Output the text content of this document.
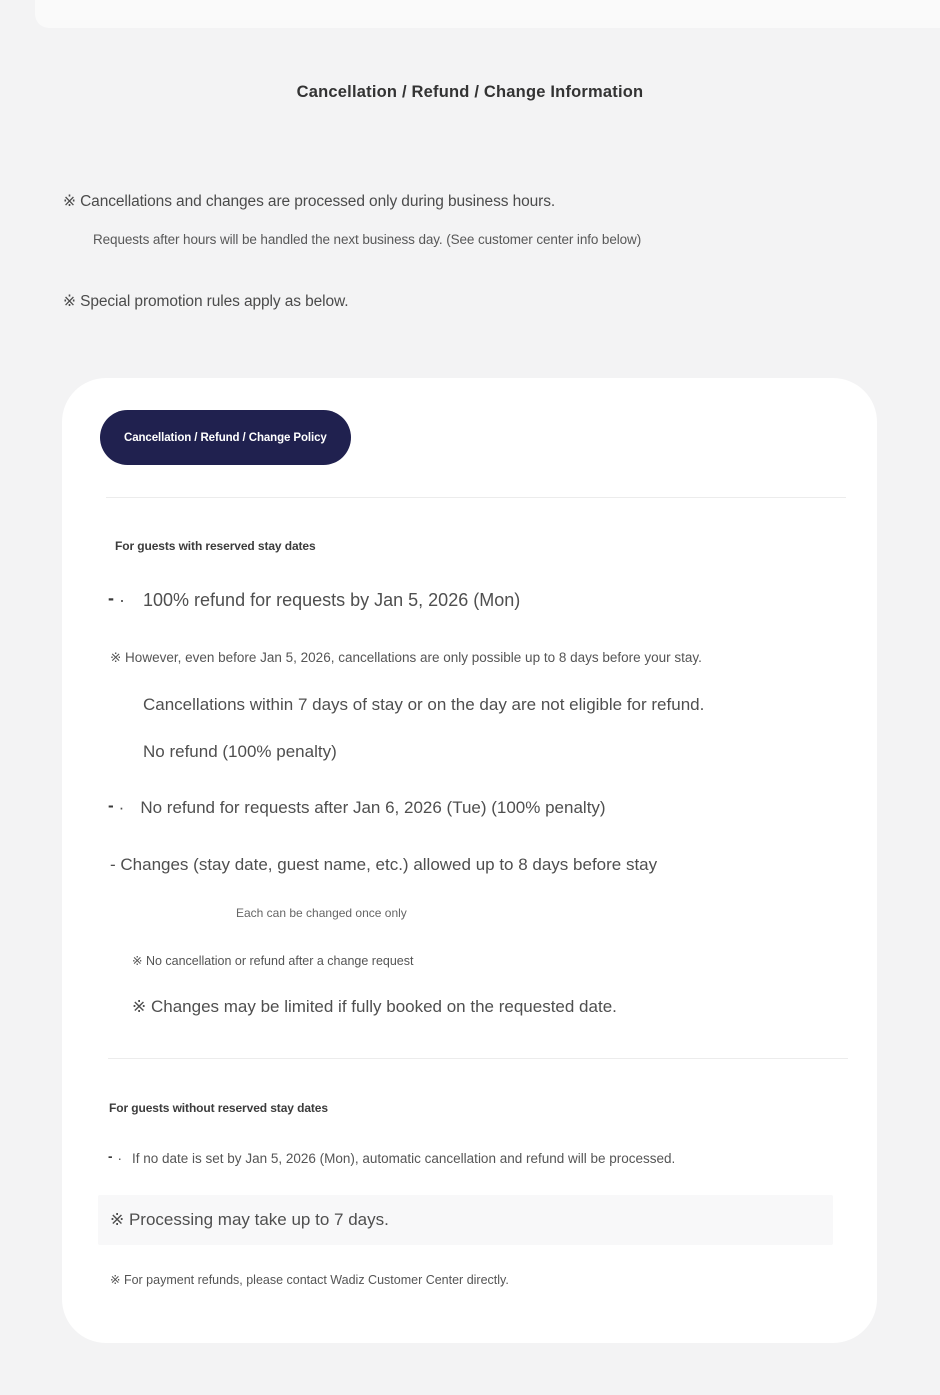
Cancellation / Refund / Change Information
※ Cancellations and changes are processed only during business hours.
Requests after hours will be handled the next business day. (See customer center info below)
※ Special promotion rules apply as below.
Cancellation / Refund / Change Policy
For guests with reserved stay dates
- · 100% refund for requests by Jan 5, 2026 (Mon)
※ However, even before Jan 5, 2026, cancellations are only possible up to 8 days before your stay.
Cancellations within 7 days of stay or on the day are not eligible for refund.
No refund (100% penalty)
- · No refund for requests after Jan 6, 2026 (Tue) (100% penalty)
- Changes (stay date, guest name, etc.) allowed up to 8 days before stay
Each can be changed once only
※ No cancellation or refund after a change request
※ Changes may be limited if fully booked on the requested date.
For guests without reserved stay dates
- · If no date is set by Jan 5, 2026 (Mon), automatic cancellation and refund will be processed.
※ Processing may take up to 7 days.
※ For payment refunds, please contact Wadiz Customer Center directly.
